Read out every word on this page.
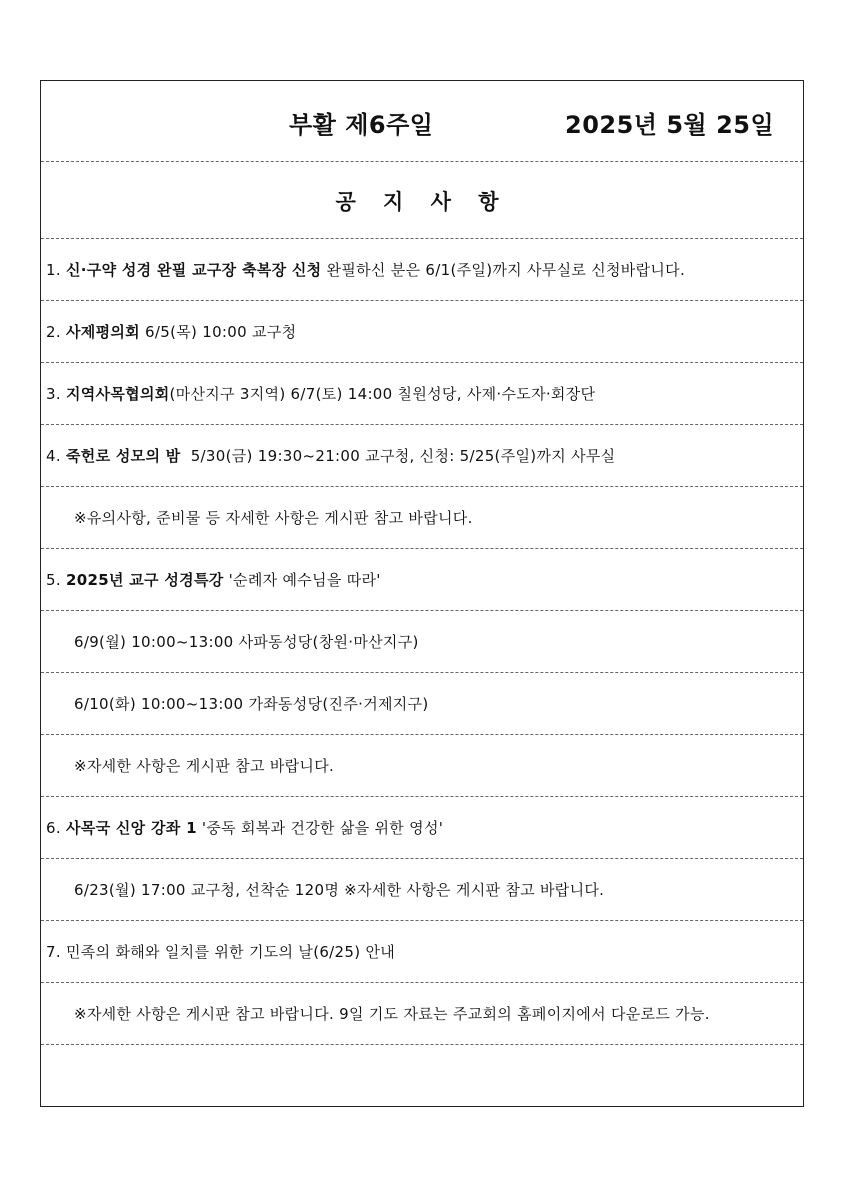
부활 제6주일	2025년 5월 25일
공 지 사 항
1. 신·구약 성경 완필 교구장 축복장 신청 완필하신 분은 6/1(주일)까지 사무실로 신청바랍니다.
2. 사제평의회 6/5(목) 10:00 교구청
3. 지역사목협의회(마산지구 3지역) 6/7(토) 14:00 칠원성당, 사제·수도자·회장단
4. 죽헌로 성모의 밤 5/30(금) 19:30~21:00 교구청, 신청: 5/25(주일)까지 사무실
※유의사항, 준비물 등 자세한 사항은 게시판 참고 바랍니다.
5. 2025년 교구 성경특강 '순례자 예수님을 따라'
6/9(월) 10:00~13:00 사파동성당(창원·마산지구)
6/10(화) 10:00~13:00 가좌동성당(진주·거제지구)
※자세한 사항은 게시판 참고 바랍니다.
6. 사목국 신앙 강좌 1 '중독 회복과 건강한 삶을 위한 영성'
6/23(월) 17:00 교구청, 선착순 120명 ※자세한 사항은 게시판 참고 바랍니다.
7. 민족의 화해와 일치를 위한 기도의 날(6/25) 안내
※자세한 사항은 게시판 참고 바랍니다. 9일 기도 자료는 주교회의 홈페이지에서 다운로드 가능.
